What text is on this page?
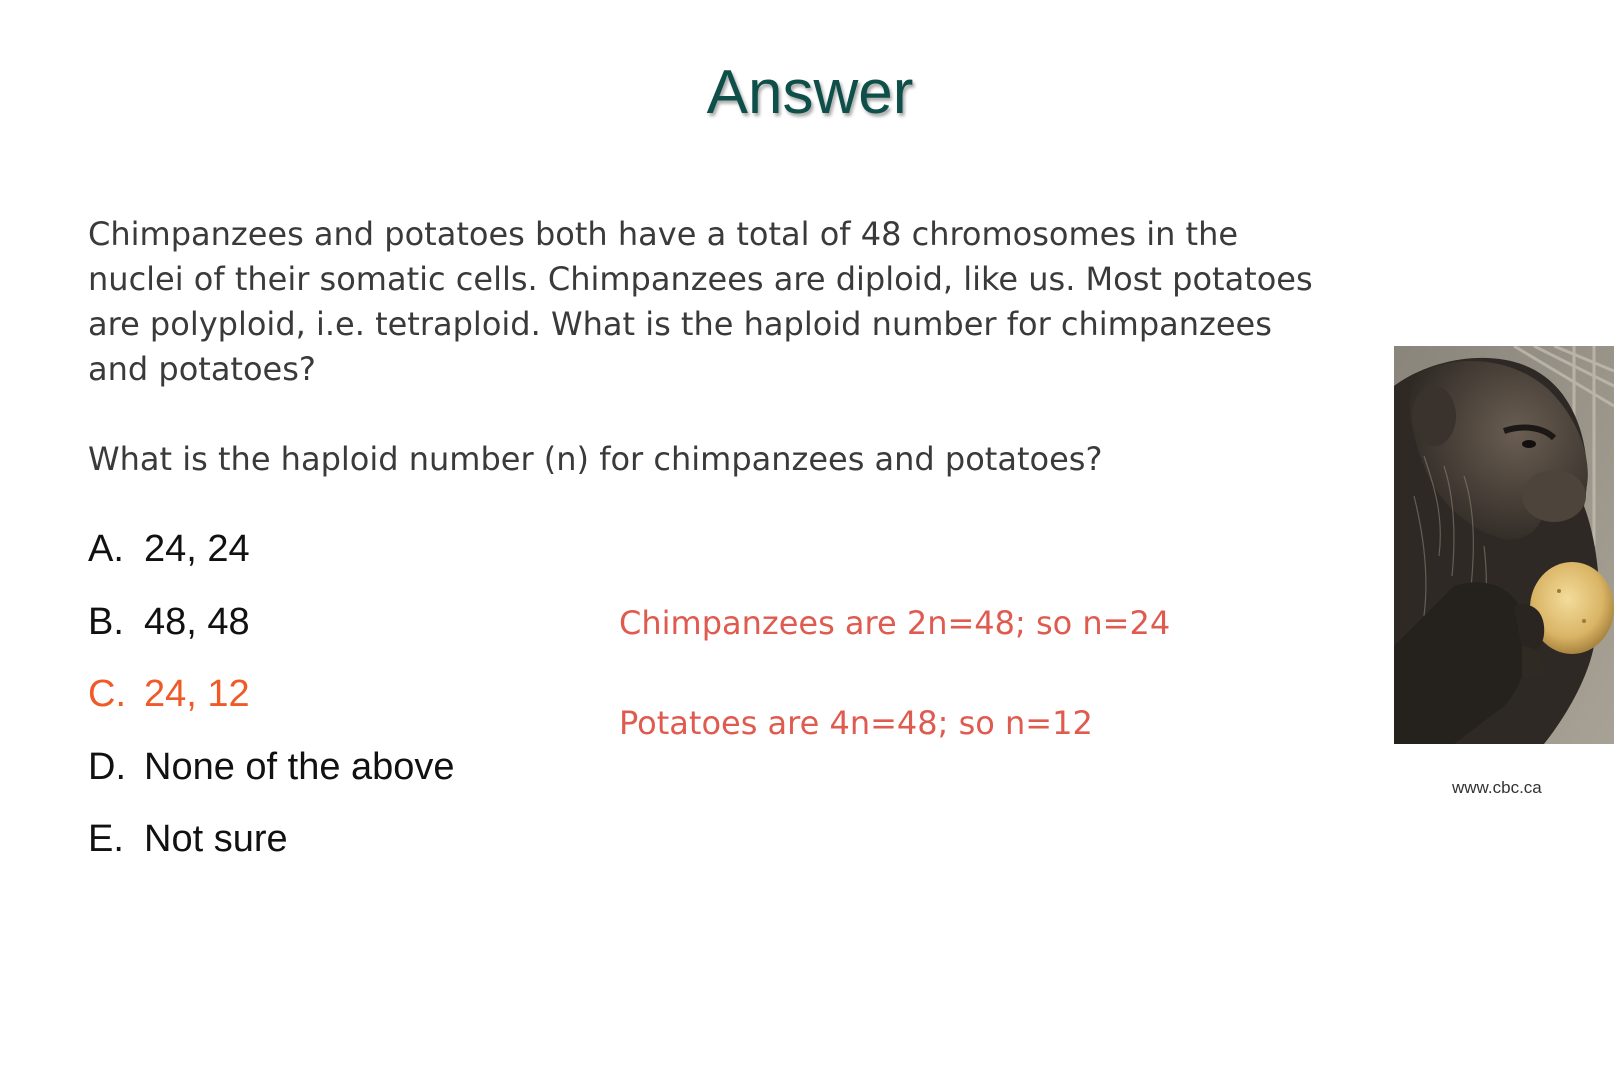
Answer

Chimpanzees and potatoes both have a total of 48 chromosomes in the nuclei of their somatic cells. Chimpanzees are diploid, like us. Most potatoes are polyploid, i.e. tetraploid. What is the haploid number for chimpanzees and potatoes?

What is the haploid number (n) for chimpanzees and potatoes?

A. 24, 24
B. 48, 48
C. 24, 12
D. None of the above
E. Not sure
Chimpanzees are 2n=48; so n=24
Potatoes are 4n=48; so n=12
www.cbc.ca
